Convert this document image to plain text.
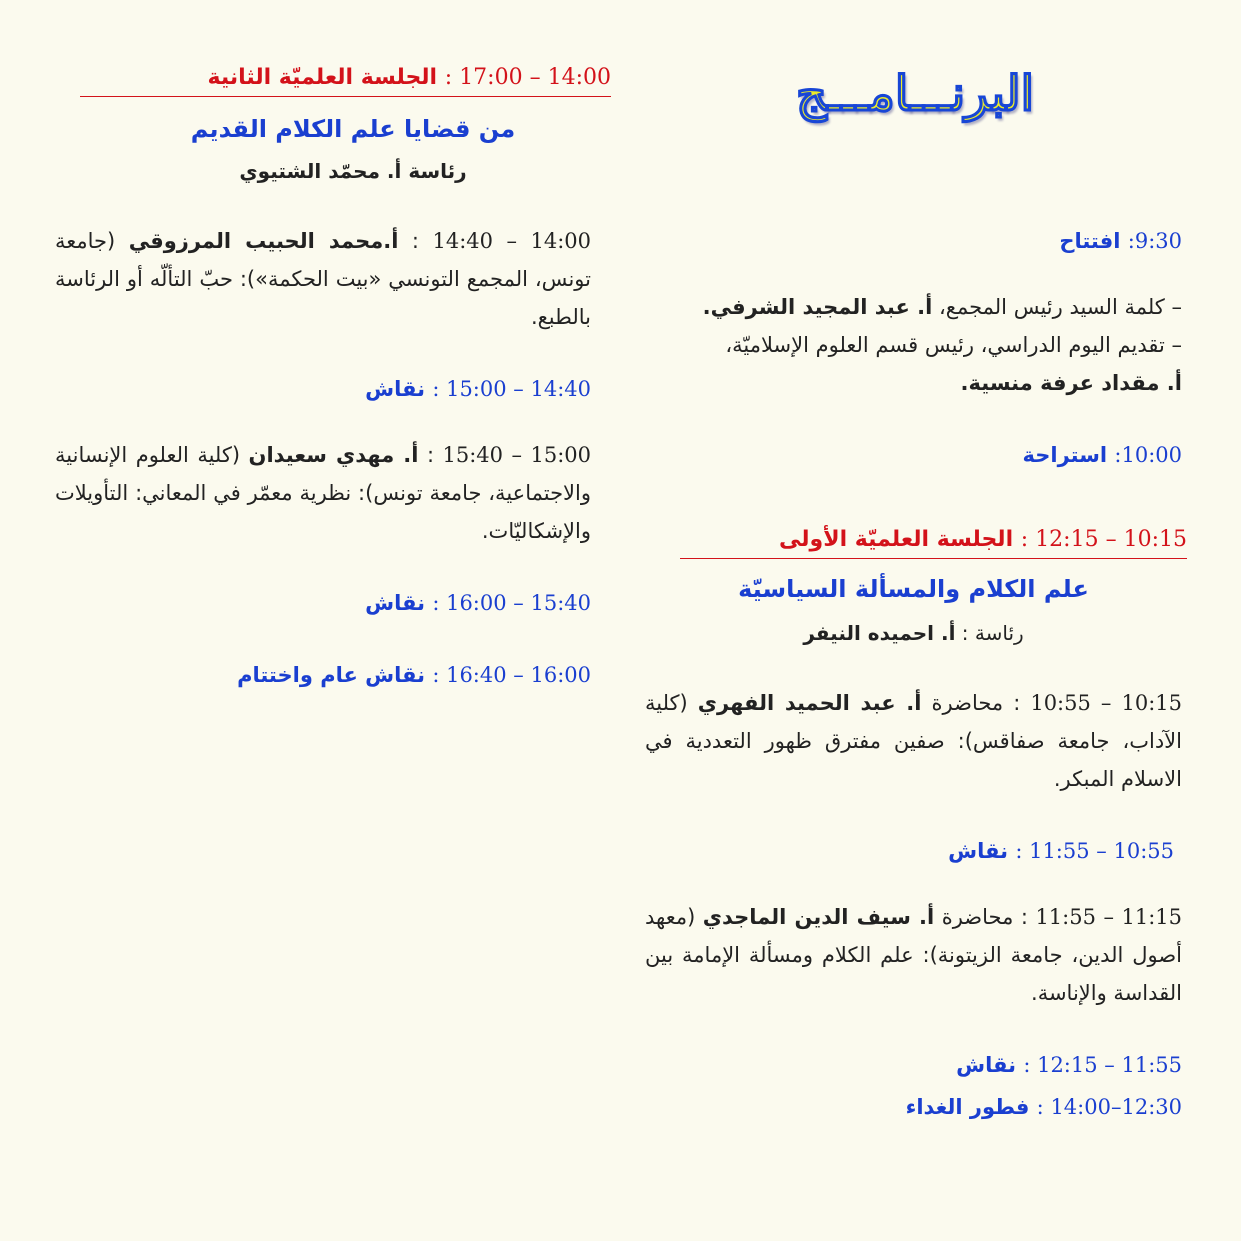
البرنـــامـــج
9:30: افتتاح
– كلمة السيد رئيس المجمع، أ. عبد المجيد الشرفي.
– تقديم اليوم الدراسي، رئيس قسم العلوم الإسلاميّة،
أ. مقداد عرفة منسية.
10:00: استراحة
10:15 – 12:15 : الجلسة العلميّة الأولى
علم الكلام والمسألة السياسيّة
رئاسة : أ. احميده النيفر
10:15 – 10:55 : محاضرة أ. عبد الحميد الفهري (كلية الآداب، جامعة صفاقس): صفين مفترق ظهور التعددية في الاسلام المبكر.
10:55 – 11:55 : نقاش
11:15 – 11:55 : محاضرة أ. سيف الدين الماجدي (معهد أصول الدين، جامعة الزيتونة): علم الكلام ومسألة الإمامة بين القداسة والإناسة.
11:55 – 12:15 : نقاش
12:30–14:00 : فطور الغداء
14:00 – 17:00 : الجلسة العلميّة الثانية
من قضايا علم الكلام القديم
رئاسة أ. محمّد الشتيوي
14:00 – 14:40 : أ.محمد الحبيب المرزوقي (جامعة تونس، المجمع التونسي «بيت الحكمة»): حبّ التألّه أو الرئاسة بالطبع.
14:40 – 15:00 : نقاش
15:00 – 15:40 : أ. مهدي سعيدان (كلية العلوم الإنسانية والاجتماعية، جامعة تونس): نظرية معمّر في المعاني: التأويلات والإشكاليّات.
15:40 – 16:00 : نقاش
16:00 – 16:40 : نقاش عام واختتام
